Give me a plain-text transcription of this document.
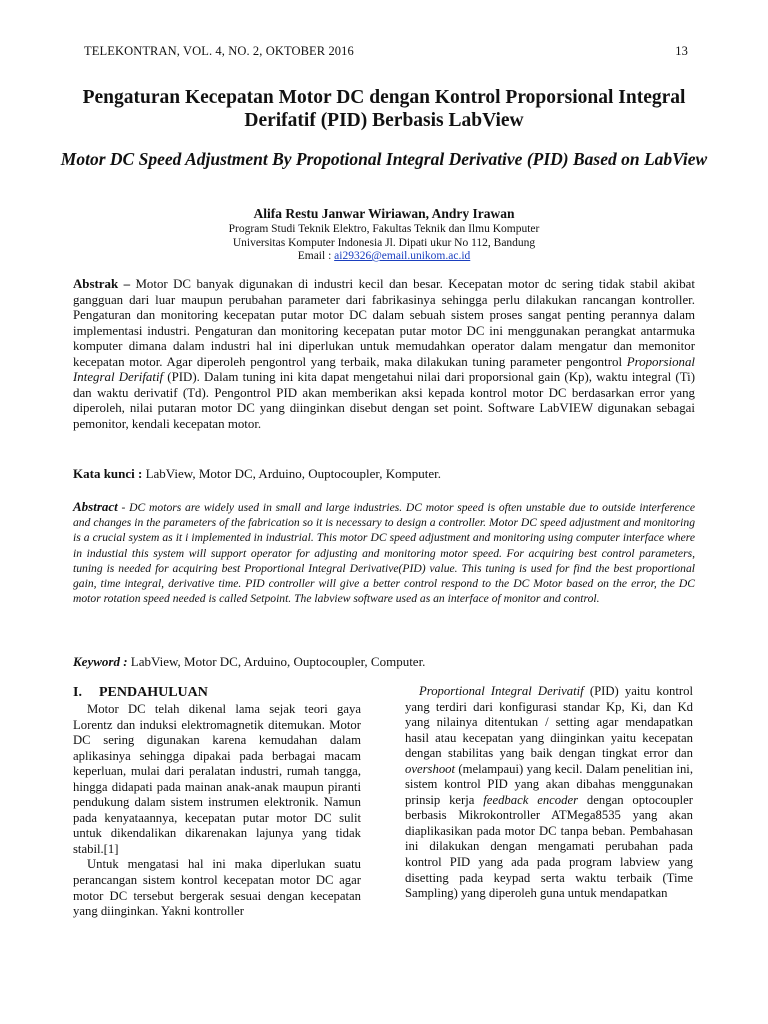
TELEKONTRAN, VOL. 4, NO. 2, OKTOBER 2016	13
Pengaturan Kecepatan Motor DC dengan Kontrol Proporsional Integral Derifatif (PID) Berbasis LabView
Motor DC Speed Adjustment By Propotional Integral Derivative (PID) Based on LabView
Alifa Restu Janwar Wiriawan, Andry Irawan
Program Studi Teknik Elektro, Fakultas Teknik dan Ilmu Komputer
Universitas Komputer Indonesia Jl. Dipati ukur No 112, Bandung
Email : ai29326@email.unikom.ac.id
Abstrak – Motor DC banyak digunakan di industri kecil dan besar. Kecepatan motor dc sering tidak stabil akibat gangguan dari luar maupun perubahan parameter dari fabrikasinya sehingga perlu dilakukan rancangan kontroller. Pengaturan dan monitoring kecepatan putar motor DC dalam sebuah sistem proses sangat penting perannya dalam implementasi industri. Pengaturan dan monitoring kecepatan putar motor DC ini menggunakan perangkat antarmuka komputer dimana dalam industri hal ini diperlukan untuk memudahkan operator dalam mengatur dan memonitor kecepatan motor. Agar diperoleh pengontrol yang terbaik, maka dilakukan tuning parameter pengontrol Proporsional Integral Derifatif (PID). Dalam tuning ini kita dapat mengetahui nilai dari proporsional gain (Kp), waktu integral (Ti) dan waktu derivatif (Td). Pengontrol PID akan memberikan aksi kepada kontrol motor DC berdasarkan error yang diperoleh, nilai putaran motor DC yang diinginkan disebut dengan set point. Software LabVIEW digunakan sebagai pemonitor, kendali kecepatan motor.
Kata kunci : LabView, Motor DC, Arduino, Ouptocoupler, Komputer.
Abstract - DC motors are widely used in small and large industries. DC motor speed is often unstable due to outside interference and changes in the parameters of the fabrication so it is necessary to design a controller. Motor DC speed adjustment and monitoring is a crucial system as it i implemented in industrial. This motor DC speed adjustment and monitoring using computer interface where in industial this system will support operator for adjusting and monitoring motor speed. For acquiring best control parameters, tuning is needed for acquiring best Proportional Integral Derivative(PID) value. This tuning is used for find the best proportional gain, time integral, derivative time. PID controller will give a better control respond to the DC Motor based on the error, the DC motor rotation speed needed is called Setpoint. The labview software used as an interface of monitor and control.
Keyword : LabView, Motor DC, Arduino, Ouptocoupler, Computer.
I. PENDAHULUAN

Motor DC telah dikenal lama sejak teori gaya Lorentz dan induksi elektromagnetik ditemukan. Motor DC sering digunakan karena kemudahan dalam aplikasinya sehingga dipakai pada berbagai macam keperluan, mulai dari peralatan industri, rumah tangga, hingga didapati pada mainan anak-anak maupun piranti pendukung dalam sistem instrumen elektronik. Namun pada kenyataannya, kecepatan putar motor DC sulit untuk dikendalikan dikarenakan lajunya yang tidak stabil.[1]

Untuk mengatasi hal ini maka diperlukan suatu perancangan sistem kontrol kecepatan motor DC agar motor DC tersebut bergerak sesuai dengan kecepatan yang diinginkan. Yakni kontroller

Proportional Integral Derivatif (PID) yaitu kontrol yang terdiri dari konfigurasi standar Kp, Ki, dan Kd yang nilainya ditentukan / setting agar mendapatkan hasil atau kecepatan yang diinginkan yaitu kecepatan dengan stabilitas yang baik dengan tingkat error dan overshoot (melampaui) yang kecil. Dalam penelitian ini, sistem kontrol PID yang akan dibahas menggunakan prinsip kerja feedback encoder dengan optocoupler berbasis Mikrokontroller ATMega8535 yang akan diaplikasikan pada motor DC tanpa beban. Pembahasan ini dilakukan dengan mengamati perubahan pada kontrol PID yang ada pada program labview yang disetting pada keypad serta waktu terbaik (Time Sampling) yang diperoleh guna untuk mendapatkan
